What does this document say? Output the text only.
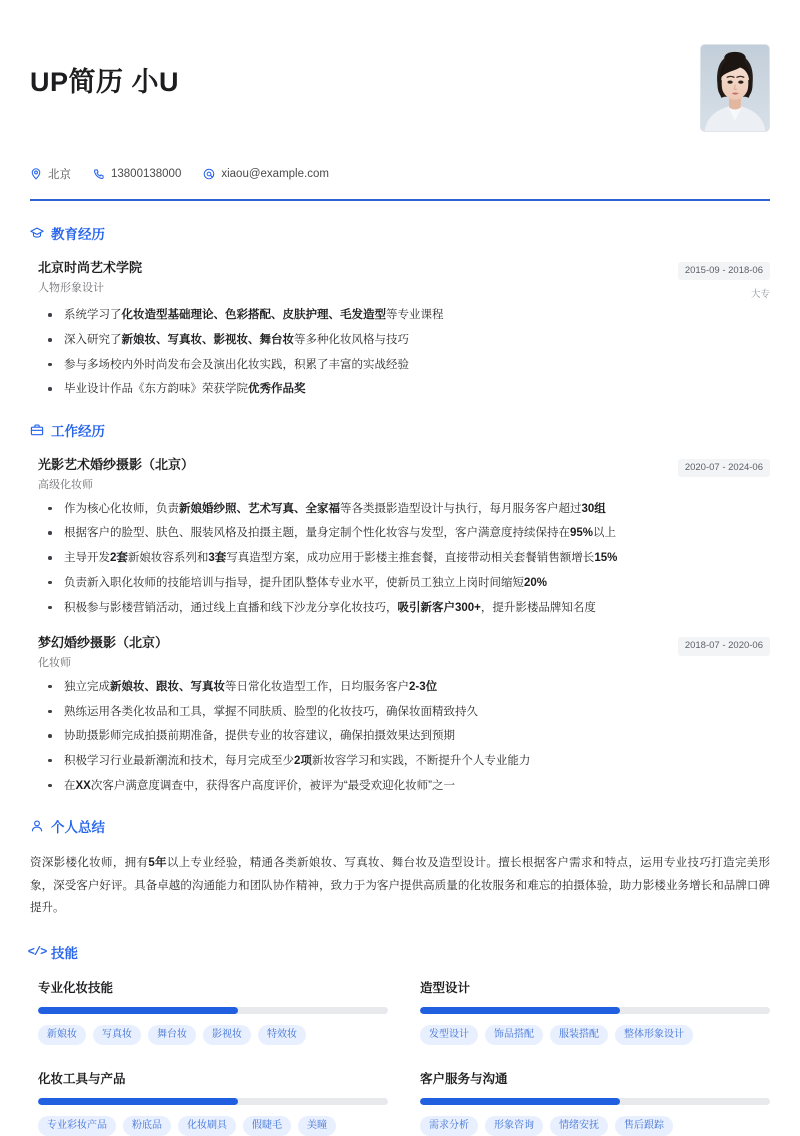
UP简历 小U
北京	13800138000	xiaou@example.com
教育经历
北京时尚艺术学院
人物形象设计
2015-09 - 2018-06
大专
系统学习了化妆造型基础理论、色彩搭配、皮肤护理、毛发造型等专业课程
深入研究了新娘妆、写真妆、影视妆、舞台妆等多种化妆风格与技巧
参与多场校内外时尚发布会及演出化妆实践，积累了丰富的实战经验
毕业设计作品《东方韵味》荣获学院优秀作品奖
工作经历
光影艺术婚纱摄影（北京）
高级化妆师
2020-07 - 2024-06
作为核心化妆师，负责新娘婚纱照、艺术写真、全家福等各类摄影造型设计与执行，每月服务客户超过30组
根据客户的脸型、肤色、服装风格及拍摄主题，量身定制个性化妆容与发型，客户满意度持续保持在95%以上
主导开发2套新娘妆容系列和3套写真造型方案，成功应用于影楼主推套餐，直接带动相关套餐销售额增长15%
负责新入职化妆师的技能培训与指导，提升团队整体专业水平，使新员工独立上岗时间缩短20%
积极参与影楼营销活动，通过线上直播和线下沙龙分享化妆技巧，吸引新客户300+，提升影楼品牌知名度
梦幻婚纱摄影（北京）
化妆师
2018-07 - 2020-06
独立完成新娘妆、跟妆、写真妆等日常化妆造型工作，日均服务客户2-3位
熟练运用各类化妆品和工具，掌握不同肤质、脸型的化妆技巧，确保妆面精致持久
协助摄影师完成拍摄前期准备，提供专业的妆容建议，确保拍摄效果达到预期
积极学习行业最新潮流和技术，每月完成至少2项新妆容学习和实践，不断提升个人专业能力
在XX次客户满意度调查中，获得客户高度评价，被评为“最受欢迎化妆师”之一
个人总结
资深影楼化妆师，拥有5年以上专业经验，精通各类新娘妆、写真妆、舞台妆及造型设计。擅长根据客户需求和特点，运用专业技巧打造完美形象，深受客户好评。具备卓越的沟通能力和团队协作精神，致力于为客户提供高质量的化妆服务和难忘的拍摄体验，助力影楼业务增长和品牌口碑提升。
</> 技能
专业化妆技能
新娘妆	写真妆	舞台妆	影视妆	特效妆
造型设计
发型设计	饰品搭配	服装搭配	整体形象设计
化妆工具与产品
专业彩妆产品	粉底品	化妆刷具	假睫毛	美瞳
客户服务与沟通
需求分析	形象咨询	情绪安抚	售后跟踪
